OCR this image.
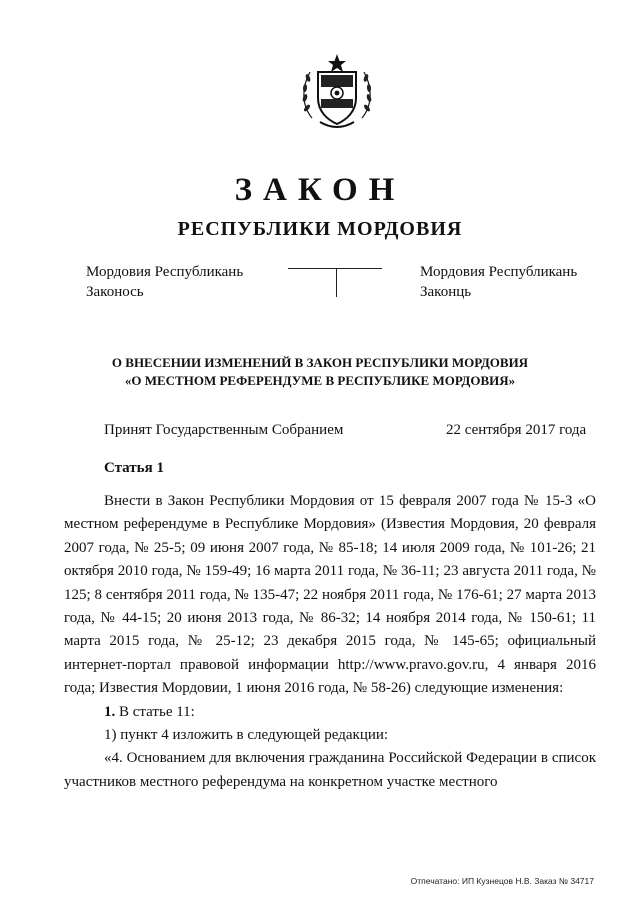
ЗАКОН
РЕСПУБЛИКИ МОРДОВИЯ
Мордовия Республикань
Законось
Мордовия Республикань
Законць
О ВНЕСЕНИИ ИЗМЕНЕНИЙ В ЗАКОН РЕСПУБЛИКИ МОРДОВИЯ
«О МЕСТНОМ РЕФЕРЕНДУМЕ В РЕСПУБЛИКЕ МОРДОВИЯ»
Принят Государственным Собранием	22 сентября 2017 года
Статья 1

Внести в Закон Республики Мордовия от 15 февраля 2007 года № 15-З «О местном референдуме в Республике Мордовия» (Известия Мордовия, 20 февраля 2007 года, № 25-5; 09 июня 2007 года, № 85-18; 14 июля 2009 года, № 101-26; 21 октября 2010 года, № 159-49; 16 марта 2011 года, № 36-11; 23 августа 2011 года, № 125; 8 сентября 2011 года, № 135-47; 22 ноября 2011 года, № 176-61; 27 марта 2013 года, № 44-15; 20 июня 2013 года, № 86-32; 14 ноября 2014 года, № 150-61; 11 марта 2015 года, № 25-12; 23 декабря 2015 года, № 145-65; официальный интернет-портал правовой информации http://www.pravo.gov.ru, 4 января 2016 года; Известия Мордовии, 1 июня 2016 года, № 58-26) следующие изменения:

1. В статье 11:

1) пункт 4 изложить в следующей редакции:

«4. Основанием для включения гражданина Российской Федерации в список участников местного референдума на конкретном участке местного

Отпечатано: ИП Кузнецов Н.В. Заказ № 34717
